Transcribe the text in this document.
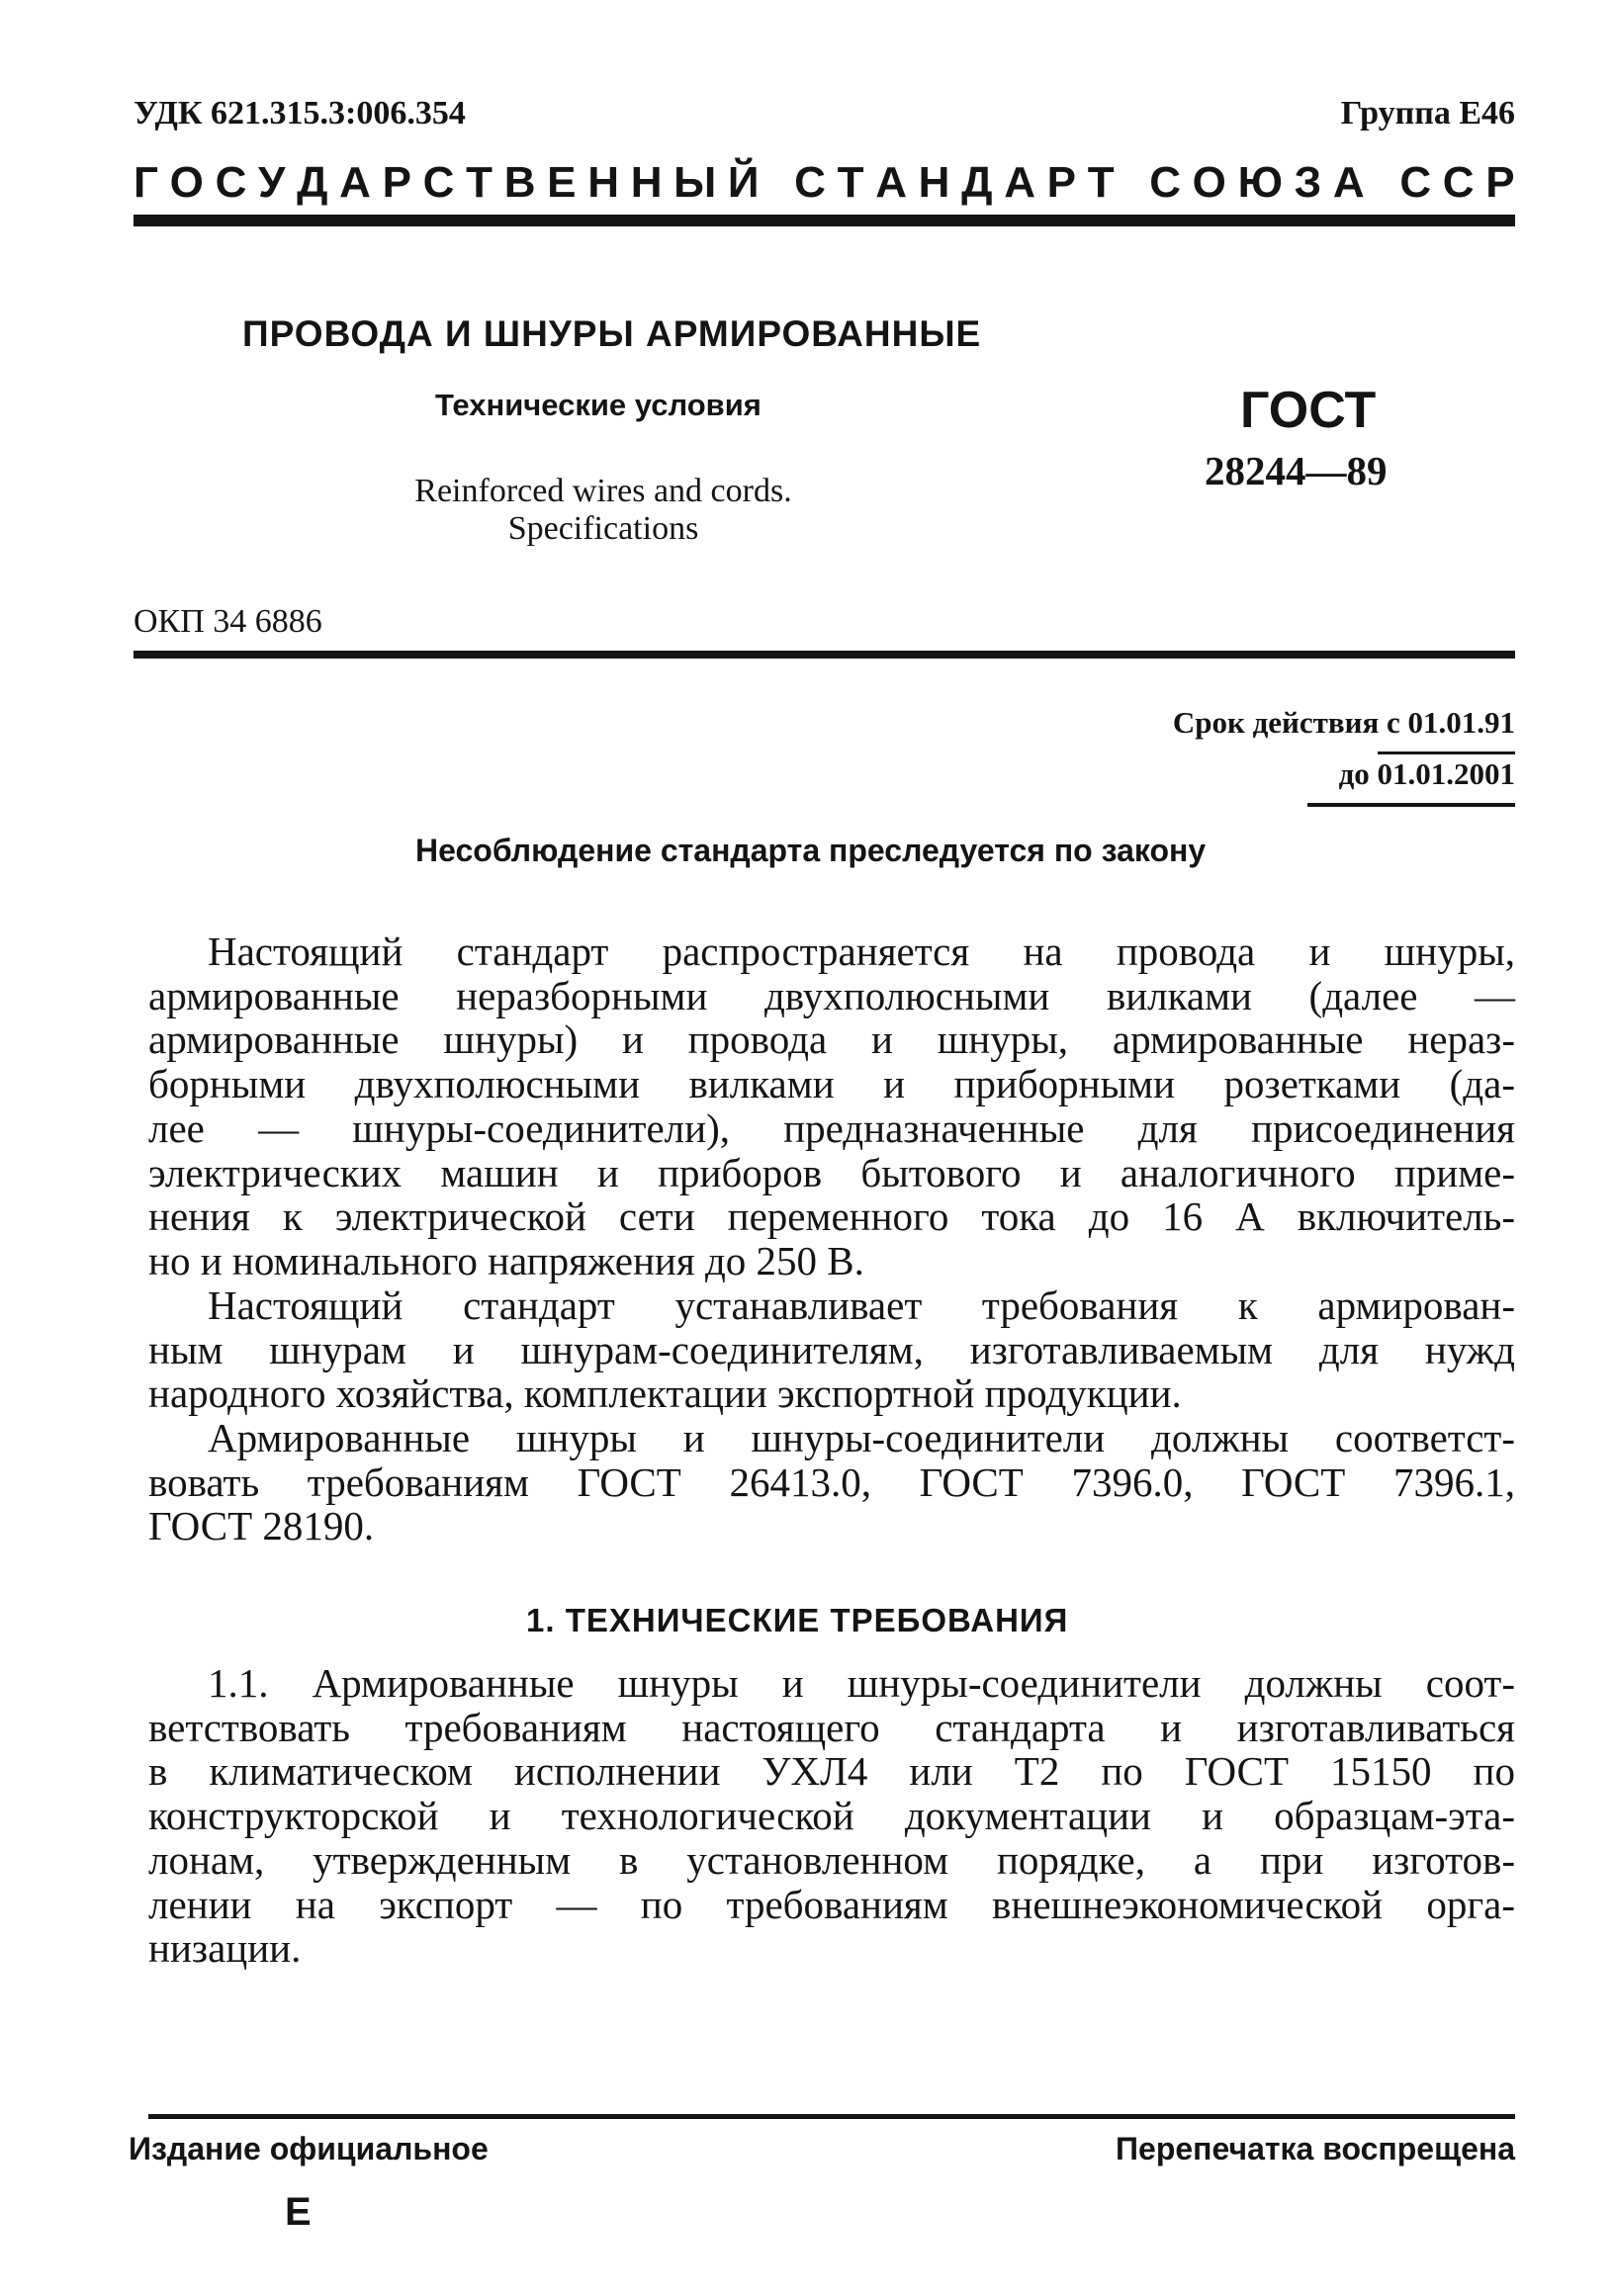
УДК 621.315.3:006.354	Группа Е46
Г О С У Д А Р С Т В Е Н Н Ы Й
С Т А Н Д А Р Т
С О Ю З А
С С Р
ПРОВОДА И ШНУРЫ АРМИРОВАННЫЕ
Технические условия	ГОСТ
28244—89
Reinforced wires and cords.
Specifications
ОКП 34 6886
Срок действия с 01.01.91
до 01.01.2001
Несоблюдение стандарта преследуется по закону
Настоящий стандарт распространяется на провода и шнуры,
армированные неразборными двухполюсными вилками (далее —
армированные шнуры) и провода и шнуры, армированные нераз-
борными двухполюсными вилками и приборными розетками (да-
лее — шнуры-соединители), предназначенные для присоединения
электрических машин и приборов бытового и аналогичного приме-
нения к электрической сети переменного тока до 16 А включитель-
но и номинального напряжения до 250 В.
Настоящий стандарт устанавливает требования к армирован-
ным шнурам и шнурам-соединителям, изготавливаемым для нужд
народного хозяйства, комплектации экспортной продукции.
Армированные шнуры и шнуры-соединители должны соответст-
вовать требованиям ГОСТ 26413.0, ГОСТ 7396.0, ГОСТ 7396.1,
ГОСТ 28190.
1. ТЕХНИЧЕСКИЕ ТРЕБОВАНИЯ
1.1. Армированные шнуры и шнуры-соединители должны соот-
ветствовать требованиям настоящего стандарта и изготавливаться
в климатическом исполнении УХЛ4 или Т2 по ГОСТ 15150 по
конструкторской и технологической документации и образцам-эта-
лонам, утвержденным в установленном порядке, а при изготов-
лении на экспорт — по требованиям внешнеэкономической орга-
низации.
Издание официальное	Перепечатка воспрещена
Е
